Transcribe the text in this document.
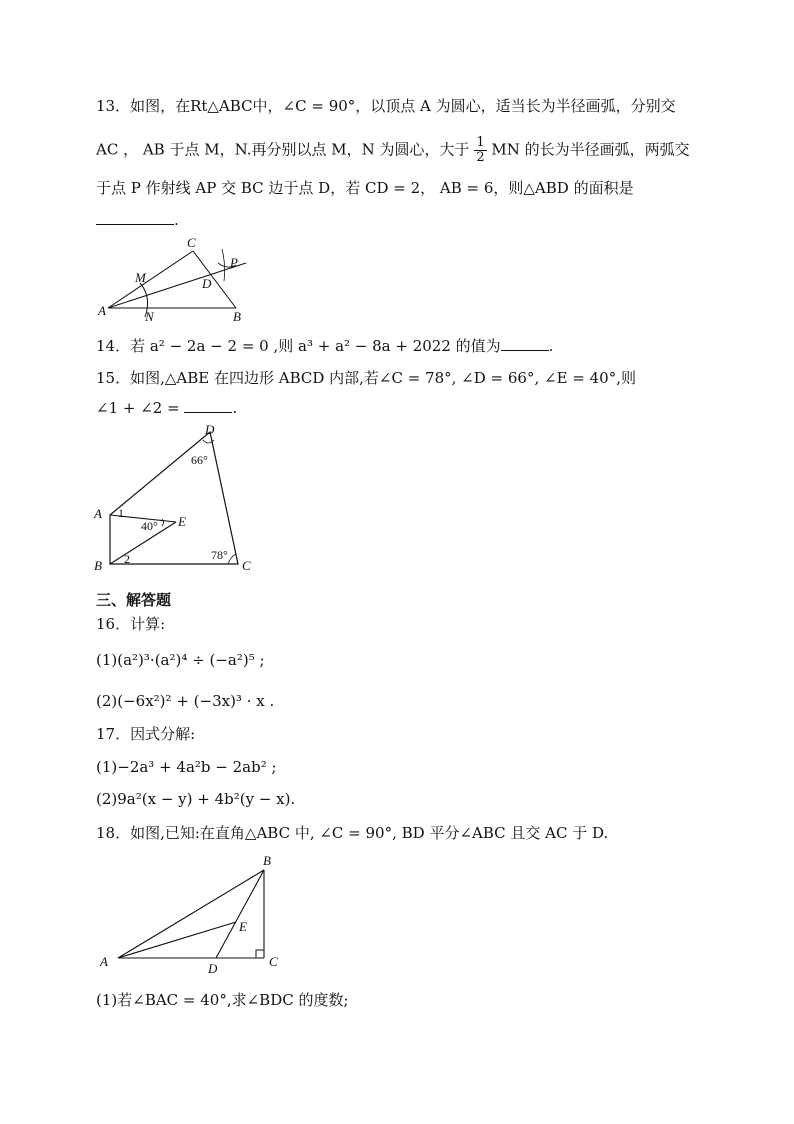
13．如图，在Rt△ABC中，∠C = 90°，以顶点 A 为圆心，适当长为半径画弧，分别交
AC ， AB 于点 M，N.再分别以点 M，N 为圆心，大于 $\frac{1}{2}$ MN 的长为半径画弧，两弧交
于点 P 作射线 AP 交 BC 边于点 D，若 CD = 2， AB = 6，则△ABD 的面积是
.
A	B
C
D
M
N
P
14．若 a² − 2a − 2 = 0 ,则 a³ + a² − 8a + 2022 的值为	.
15．如图,△ABE 在四边形 ABCD 内部,若∠C = 78°, ∠D = 66°, ∠E = 40°,则
∠1 + ∠2 =	.
A
B	C
D
E
1
2
66°
40°
78°
三、解答题
16．计算:
(1)(a²)³·(a²)⁴ ÷ (−a²)⁵ ;
(2)(−6x²)² + (−3x)³ · x .
17．因式分解:
(1)−2a³ + 4a²b − 2ab² ;
(2)9a²(x − y) + 4b²(y − x).
18．如图,已知:在直角△ABC 中, ∠C = 90°, BD 平分∠ABC 且交 AC 于 D.
B
A	C
D
E
(1)若∠BAC = 40°,求∠BDC 的度数;
